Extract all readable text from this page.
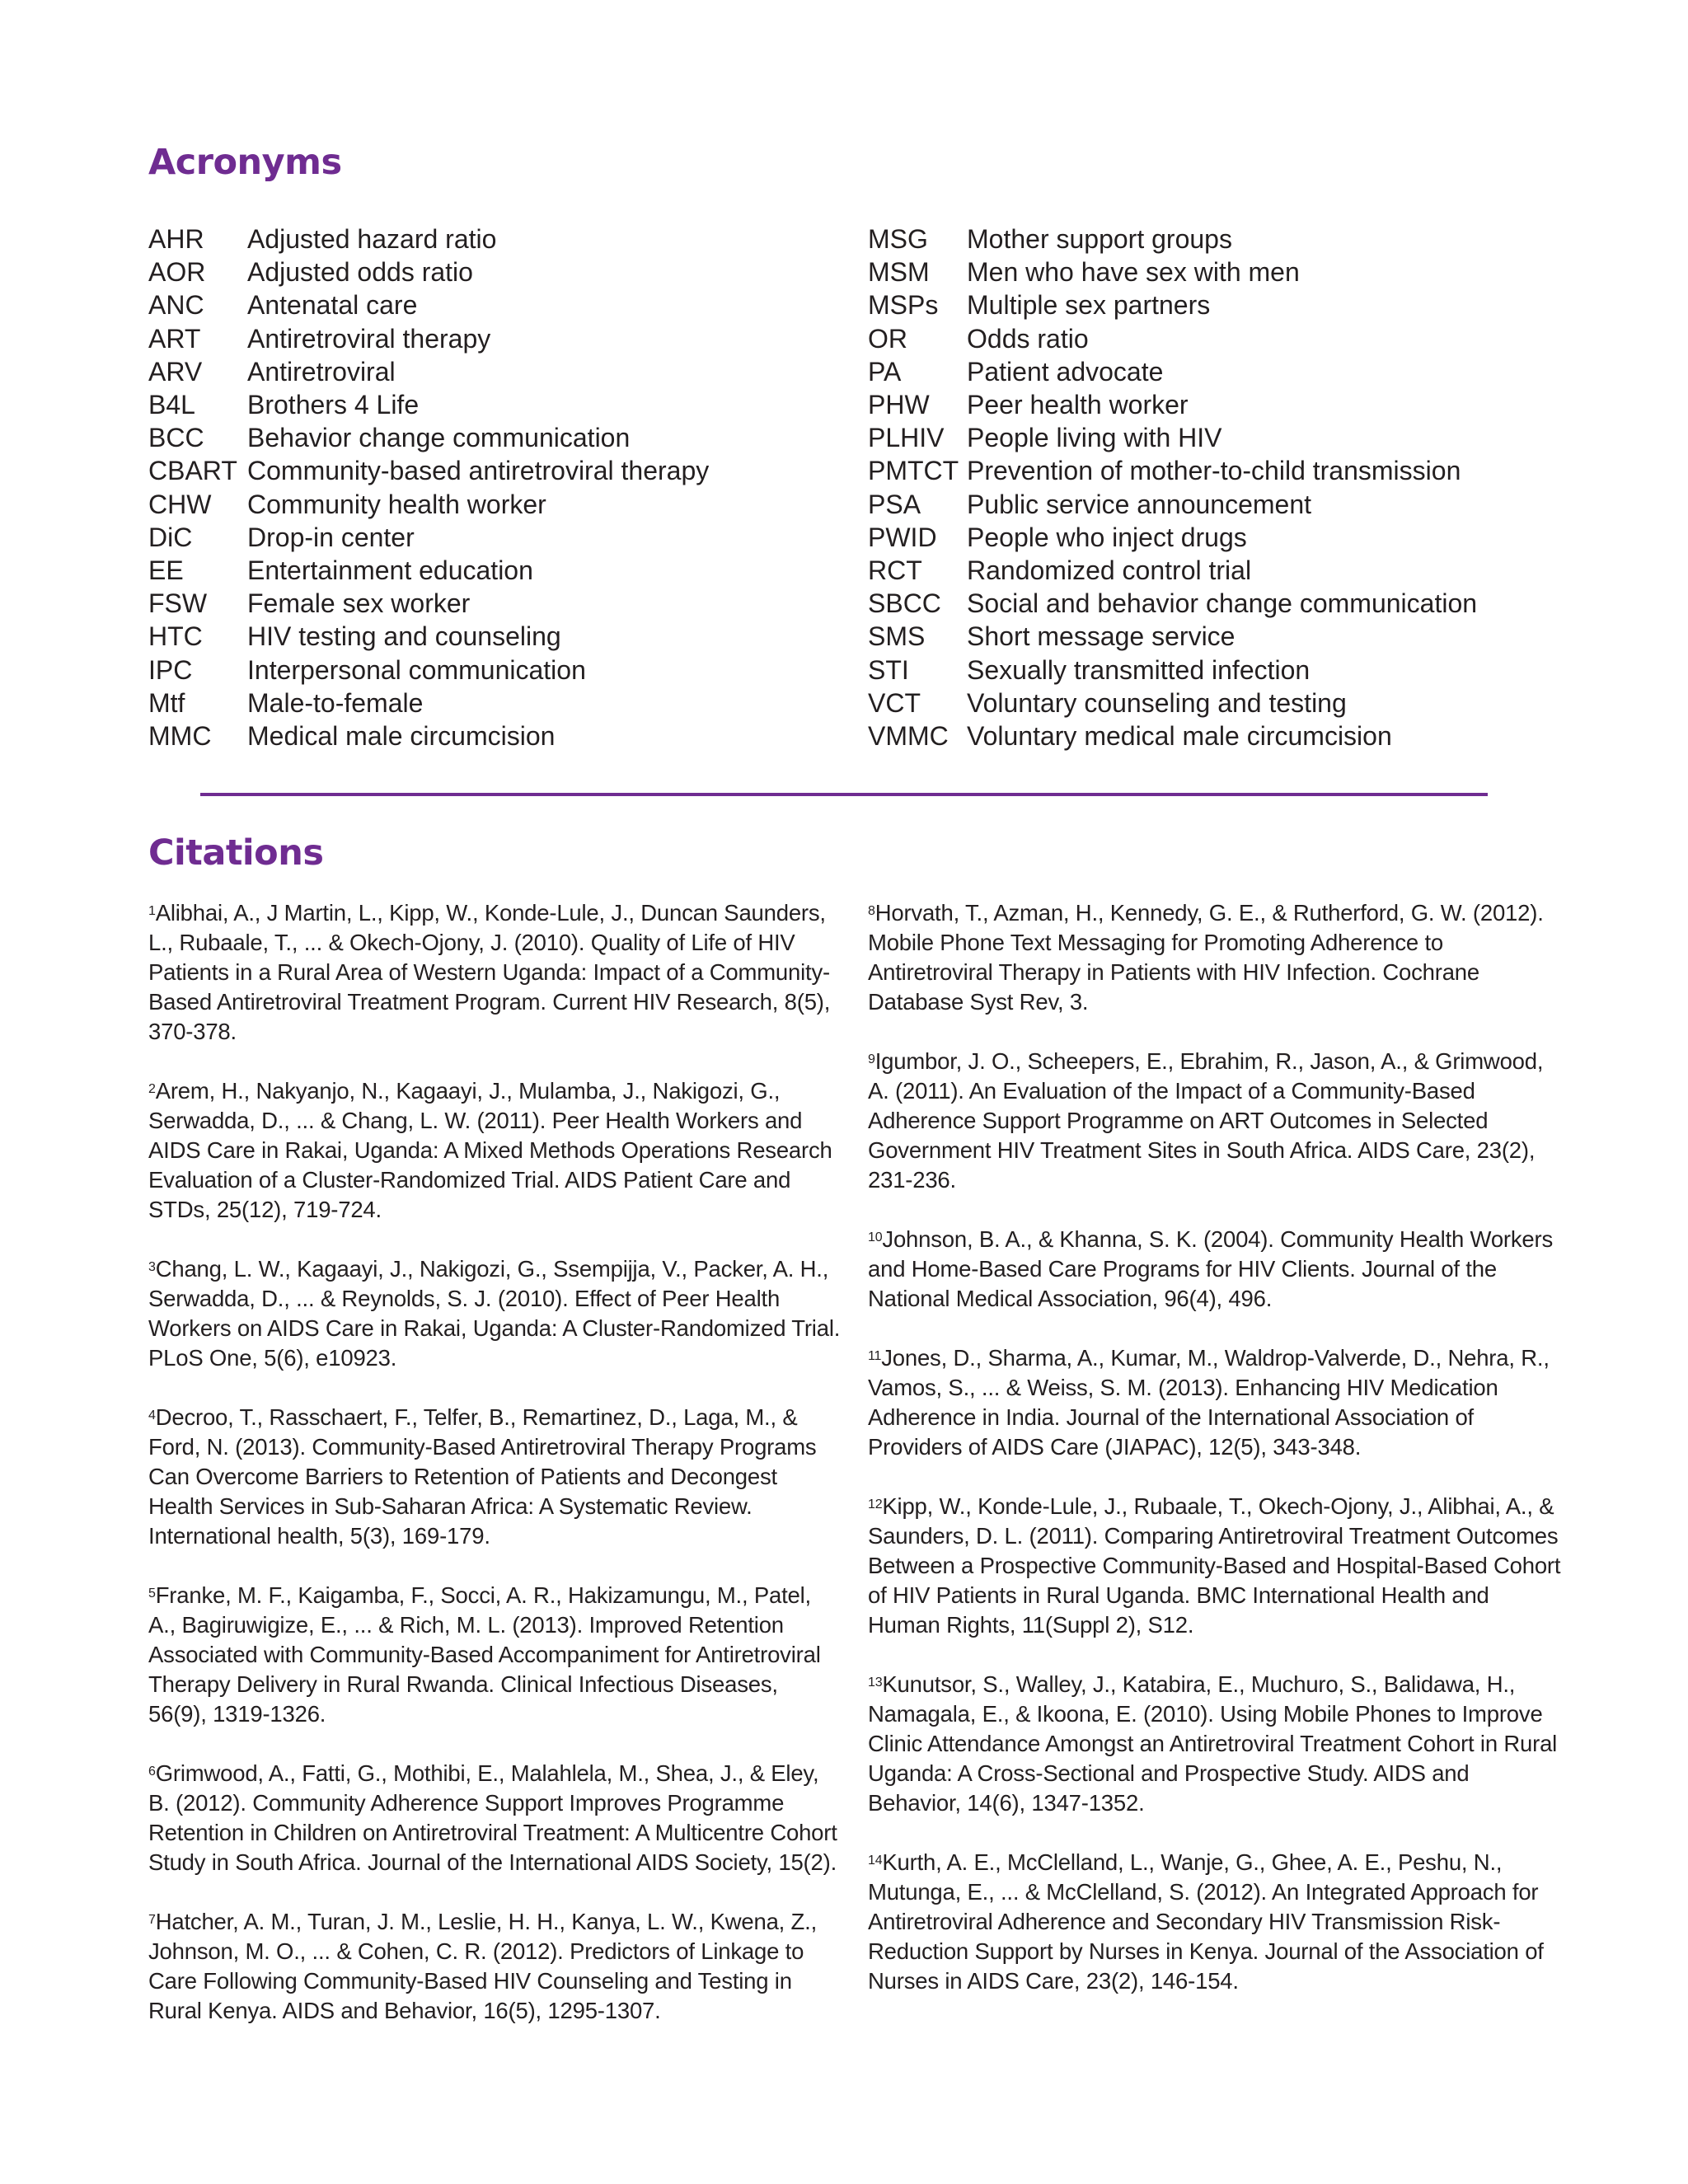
Acronyms
AHR	Adjusted hazard ratio
AOR	Adjusted odds ratio
ANC	Antenatal care
ART	Antiretroviral therapy
ARV	Antiretroviral
B4L	Brothers 4 Life
BCC	Behavior change communication
CBART Community-based antiretroviral therapy
CHW	Community health worker
DiC	Drop-in center
EE	Entertainment education
FSW	Female sex worker
HTC	HIV testing and counseling
IPC	Interpersonal communication
Mtf	Male-to-female
MMC	Medical male circumcision
MSG	Mother support groups
MSM	Men who have sex with men
MSPs	Multiple sex partners
OR	Odds ratio
PA	Patient advocate
PHW	Peer health worker
PLHIV People living with HIV
PMTCT Prevention of mother-to-child transmission
PSA	Public service announcement
PWID	People who inject drugs
RCT	Randomized control trial
SBCC Social and behavior change communication
SMS	Short message service
STI	Sexually transmitted infection
VCT	Voluntary counseling and testing
VMMC Voluntary medical male circumcision
Citations

$^1$Alibhai, A., J Martin, L., Kipp, W., Konde-Lule, J., Duncan Saunders, L., Rubaale, T., ... & Okech-Ojony, J. (2010). Quality of Life of HIV Patients in a Rural Area of Western Uganda: Impact of a Community-Based Antiretroviral Treatment Program. Current HIV Research, 8(5), 370-378.

$^2$Arem, H., Nakyanjo, N., Kagaayi, J., Mulamba, J., Nakigozi, G., Serwadda, D., ... & Chang, L. W. (2011). Peer Health Workers and AIDS Care in Rakai, Uganda: A Mixed Methods Operations Research Evaluation of a Cluster-Randomized Trial. AIDS Patient Care and STDs, 25(12), 719-724.

$^3$Chang, L. W., Kagaayi, J., Nakigozi, G., Ssempijja, V., Packer, A. H., Serwadda, D., ... & Reynolds, S. J. (2010). Effect of Peer Health Workers on AIDS Care in Rakai, Uganda: A Cluster-Randomized Trial. PLoS One, 5(6), e10923.

$^4$Decroo, T., Rasschaert, F., Telfer, B., Remartinez, D., Laga, M., & Ford, N. (2013). Community-Based Antiretroviral Therapy Programs Can Overcome Barriers to Retention of Patients and Decongest Health Services in Sub-Saharan Africa: A Systematic Review. International health, 5(3), 169-179.

$^5$Franke, M. F., Kaigamba, F., Socci, A. R., Hakizamungu, M., Patel, A., Bagiruwigize, E., ... & Rich, M. L. (2013). Improved Retention Associated with Community-Based Accompaniment for Antiretroviral Therapy Delivery in Rural Rwanda. Clinical Infectious Diseases, 56(9), 1319-1326.

$^6$Grimwood, A., Fatti, G., Mothibi, E., Malahlela, M., Shea, J., & Eley, B. (2012). Community Adherence Support Improves Programme Retention in Children on Antiretroviral Treatment: A Multicentre Cohort Study in South Africa. Journal of the International AIDS Society, 15(2).

$^7$Hatcher, A. M., Turan, J. M., Leslie, H. H., Kanya, L. W., Kwena, Z., Johnson, M. O., ... & Cohen, C. R. (2012). Predictors of Linkage to Care Following Community-Based HIV Counseling and Testing in Rural Kenya. AIDS and Behavior, 16(5), 1295-1307.

$^8$Horvath, T., Azman, H., Kennedy, G. E., & Rutherford, G. W. (2012). Mobile Phone Text Messaging for Promoting Adherence to Antiretroviral Therapy in Patients with HIV Infection. Cochrane Database Syst Rev, 3.

$^9$Igumbor, J. O., Scheepers, E., Ebrahim, R., Jason, A., & Grimwood, A. (2011). An Evaluation of the Impact of a Community-Based Adherence Support Programme on ART Outcomes in Selected Government HIV Treatment Sites in South Africa. AIDS Care, 23(2), 231-236.

$^{10}$Johnson, B. A., & Khanna, S. K. (2004). Community Health Workers and Home-Based Care Programs for HIV Clients. Journal of the National Medical Association, 96(4), 496.

$^{11}$Jones, D., Sharma, A., Kumar, M., Waldrop-Valverde, D., Nehra, R., Vamos, S., ... & Weiss, S. M. (2013). Enhancing HIV Medication Adherence in India. Journal of the International Association of Providers of AIDS Care (JIAPAC), 12(5), 343-348.

$^{12}$Kipp, W., Konde-Lule, J., Rubaale, T., Okech-Ojony, J., Alibhai, A., & Saunders, D. L. (2011). Comparing Antiretroviral Treatment Outcomes Between a Prospective Community-Based and Hospital-Based Cohort of HIV Patients in Rural Uganda. BMC International Health and Human Rights, 11(Suppl 2), S12.

$^{13}$Kunutsor, S., Walley, J., Katabira, E., Muchuro, S., Balidawa, H., Namagala, E., & Ikoona, E. (2010). Using Mobile Phones to Improve Clinic Attendance Amongst an Antiretroviral Treatment Cohort in Rural Uganda: A Cross-Sectional and Prospective Study. AIDS and Behavior, 14(6), 1347-1352.

$^{14}$Kurth, A. E., McClelland, L., Wanje, G., Ghee, A. E., Peshu, N., Mutunga, E., ... & McClelland, S. (2012). An Integrated Approach for Antiretroviral Adherence and Secondary HIV Transmission Risk-Reduction Support by Nurses in Kenya. Journal of the Association of Nurses in AIDS Care, 23(2), 146-154.
